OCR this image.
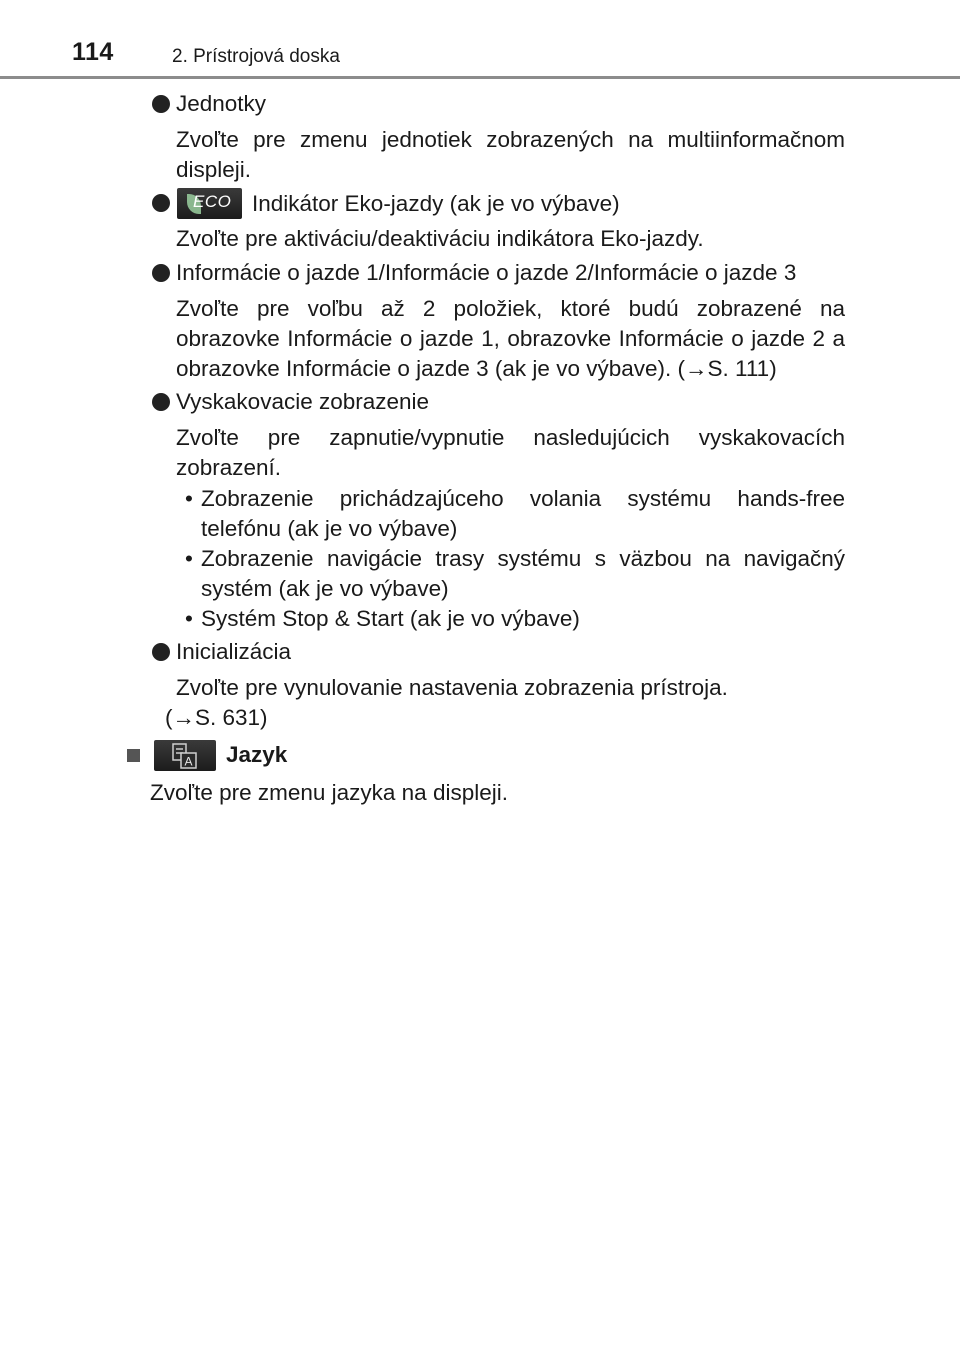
114	2. Prístrojová doska
Jednotky
Zvoľte pre zmenu jednotiek zobrazených na multiinformačnom displeji.
ECO Indikátor Eko-jazdy (ak je vo výbave)
Zvoľte pre aktiváciu/deaktiváciu indikátora Eko-jazdy.
Informácie o jazde 1/Informácie o jazde 2/Informácie o jazde 3
Zvoľte pre voľbu až 2 položiek, ktoré budú zobrazené na obrazovke Informácie o jazde 1, obrazovke Informácie o jazde 2 a obrazovke Informácie o jazde 3 (ak je vo výbave). (→S. 111)
Vyskakovacie zobrazenie
Zvoľte pre zapnutie/vypnutie nasledujúcich vyskakovacích zobrazení.
• Zobrazenie prichádzajúceho volania systému hands-free telefónu (ak je vo výbave)
• Zobrazenie navigácie trasy systému s väzbou na navigačný systém (ak je vo výbave)
• Systém Stop & Start (ak je vo výbave)
Inicializácia
Zvoľte pre vynulovanie nastavenia zobrazenia prístroja.
(→S. 631)
A Jazyk
Zvoľte pre zmenu jazyka na displeji.
